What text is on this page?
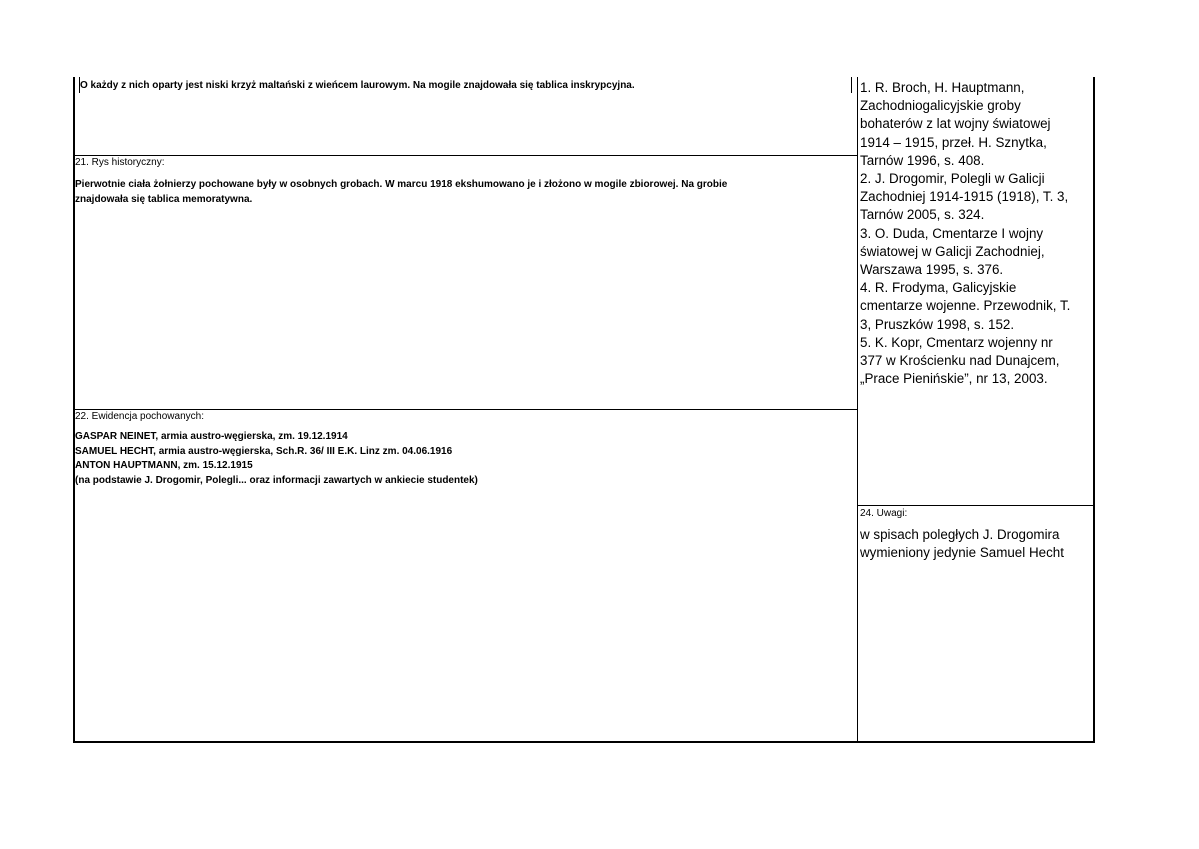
O każdy z nich oparty jest niski krzyż maltański z wieńcem laurowym. Na mogile znajdowała się tablica inskrypcyjna.

21. Rys historyczny:

Pierwotnie ciała żołnierzy pochowane były w osobnych grobach. W marcu 1918 ekshumowano je i złożono w mogile zbiorowej. Na grobie
znajdowała się tablica memoratywna.

22. Ewidencja pochowanych:

GASPAR NEINET, armia austro-węgierska, zm. 19.12.1914
SAMUEL HECHT, armia austro-węgierska, Sch.R. 36/ III E.K. Linz zm. 04.06.1916
ANTON HAUPTMANN, zm. 15.12.1915
(na podstawie J. Drogomir, Polegli... oraz informacji zawartych w ankiecie studentek)

1. R. Broch, H. Hauptmann,
Zachodniogalicyjskie groby
bohaterów z lat wojny światowej
1914 – 1915, przeł. H. Sznytka,
Tarnów 1996, s. 408.
2. J. Drogomir, Polegli w Galicji
Zachodniej 1914-1915 (1918), T. 3,
Tarnów 2005, s. 324.
3. O. Duda, Cmentarze I wojny
światowej w Galicji Zachodniej,
Warszawa 1995, s. 376.
4. R. Frodyma, Galicyjskie
cmentarze wojenne. Przewodnik, T.
3, Pruszków 1998, s. 152.
5. K. Kopr, Cmentarz wojenny nr
377 w Krościenku nad Dunajcem,
„Prace Pienińskie”, nr 13, 2003.

24. Uwagi:

w spisach poległych J. Drogomira
wymieniony jedynie Samuel Hecht
